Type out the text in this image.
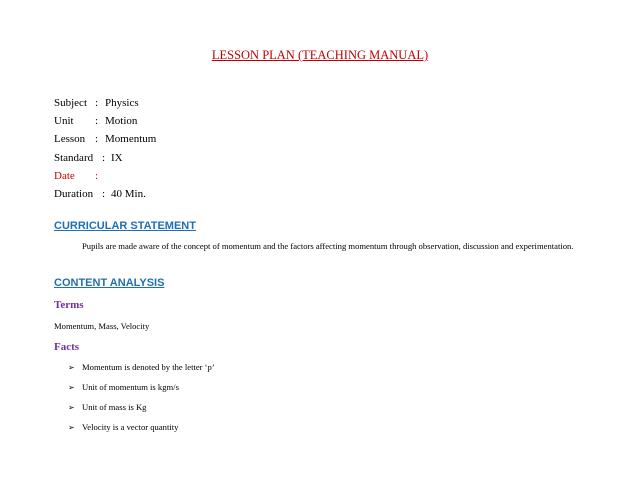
LESSON PLAN (TEACHING MANUAL)
Subject : Physics
Unit : Motion
Lesson : Momentum
Standard : IX
Date :
Duration : 40 Min.
CURRICULAR STATEMENT
Pupils are made aware of the concept of momentum and the factors affecting momentum through observation, discussion and experimentation.
CONTENT ANALYSIS
Terms
Momentum, Mass, Velocity
Facts
➢ Momentum is denoted by the letter ‘p’
➢ Unit of momentum is kgm/s
➢ Unit of mass is Kg
➢ Velocity is a vector quantity
